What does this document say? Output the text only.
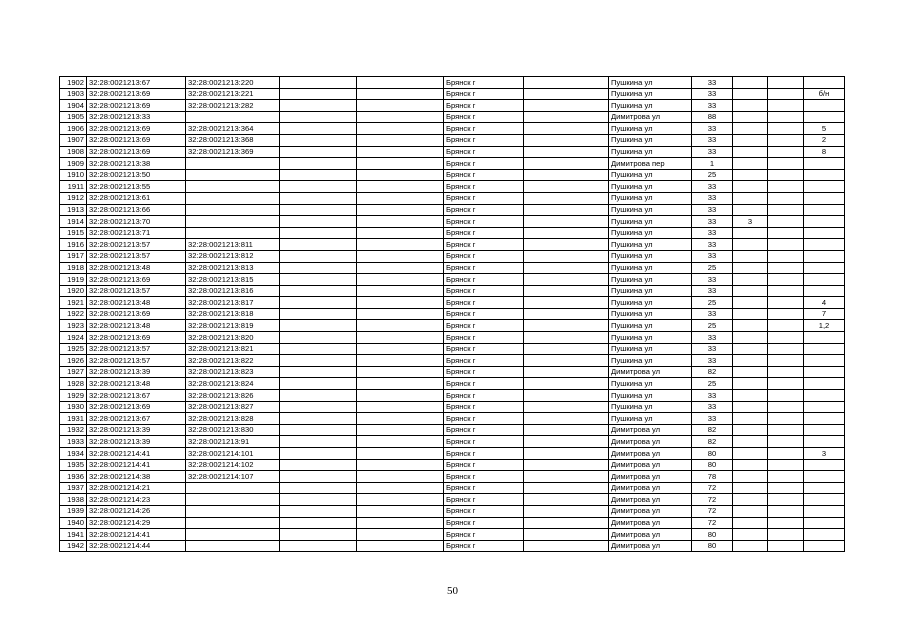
1902	32:28:0021213:67	32:28:0021213:220			Брянск г		Пушкина ул	33			
1903	32:28:0021213:69	32:28:0021213:221			Брянск г		Пушкина ул	33			б/н
1904	32:28:0021213:69	32:28:0021213:282			Брянск г		Пушкина ул	33			
1905	32:28:0021213:33				Брянск г		Димитрова ул	88			
1906	32:28:0021213:69	32:28:0021213:364			Брянск г		Пушкина ул	33			5
1907	32:28:0021213:69	32:28:0021213:368			Брянск г		Пушкина ул	33			2
1908	32:28:0021213:69	32:28:0021213:369			Брянск г		Пушкина ул	33			8
1909	32:28:0021213:38				Брянск г		Димитрова пер	1			
1910	32:28:0021213:50				Брянск г		Пушкина ул	25			
1911	32:28:0021213:55				Брянск г		Пушкина ул	33			
1912	32:28:0021213:61				Брянск г		Пушкина ул	33			
1913	32:28:0021213:66				Брянск г		Пушкина ул	33			
1914	32:28:0021213:70				Брянск г		Пушкина ул	33	3		
1915	32:28:0021213:71				Брянск г		Пушкина ул	33			
1916	32:28:0021213:57	32:28:0021213:811			Брянск г		Пушкина ул	33			
1917	32:28:0021213:57	32:28:0021213:812			Брянск г		Пушкина ул	33			
1918	32:28:0021213:48	32:28:0021213:813			Брянск г		Пушкина ул	25			
1919	32:28:0021213:69	32:28:0021213:815			Брянск г		Пушкина ул	33			
1920	32:28:0021213:57	32:28:0021213:816			Брянск г		Пушкина ул	33			
1921	32:28:0021213:48	32:28:0021213:817			Брянск г		Пушкина ул	25			4
1922	32:28:0021213:69	32:28:0021213:818			Брянск г		Пушкина ул	33			7
1923	32:28:0021213:48	32:28:0021213:819			Брянск г		Пушкина ул	25			1,2
1924	32:28:0021213:69	32:28:0021213:820			Брянск г		Пушкина ул	33			
1925	32:28:0021213:57	32:28:0021213:821			Брянск г		Пушкина ул	33			
1926	32:28:0021213:57	32:28:0021213:822			Брянск г		Пушкина ул	33			
1927	32:28:0021213:39	32:28:0021213:823			Брянск г		Димитрова ул	82			
1928	32:28:0021213:48	32:28:0021213:824			Брянск г		Пушкина ул	25			
1929	32:28:0021213:67	32:28:0021213:826			Брянск г		Пушкина ул	33			
1930	32:28:0021213:69	32:28:0021213:827			Брянск г		Пушкина ул	33			
1931	32:28:0021213:67	32:28:0021213:828			Брянск г		Пушкина ул	33			
1932	32:28:0021213:39	32:28:0021213:830			Брянск г		Димитрова ул	82			
1933	32:28:0021213:39	32:28:0021213:91			Брянск г		Димитрова ул	82			
1934	32:28:0021214:41	32:28:0021214:101			Брянск г		Димитрова ул	80			3
1935	32:28:0021214:41	32:28:0021214:102			Брянск г		Димитрова ул	80			
1936	32:28:0021214:38	32:28:0021214:107			Брянск г		Димитрова ул	78			
1937	32:28:0021214:21				Брянск г		Димитрова ул	72			
1938	32:28:0021214:23				Брянск г		Димитрова ул	72			
1939	32:28:0021214:26				Брянск г		Димитрова ул	72			
1940	32:28:0021214:29				Брянск г		Димитрова ул	72			
1941	32:28:0021214:41				Брянск г		Димитрова ул	80			
1942	32:28:0021214:44				Брянск г		Димитрова ул	80			
50
